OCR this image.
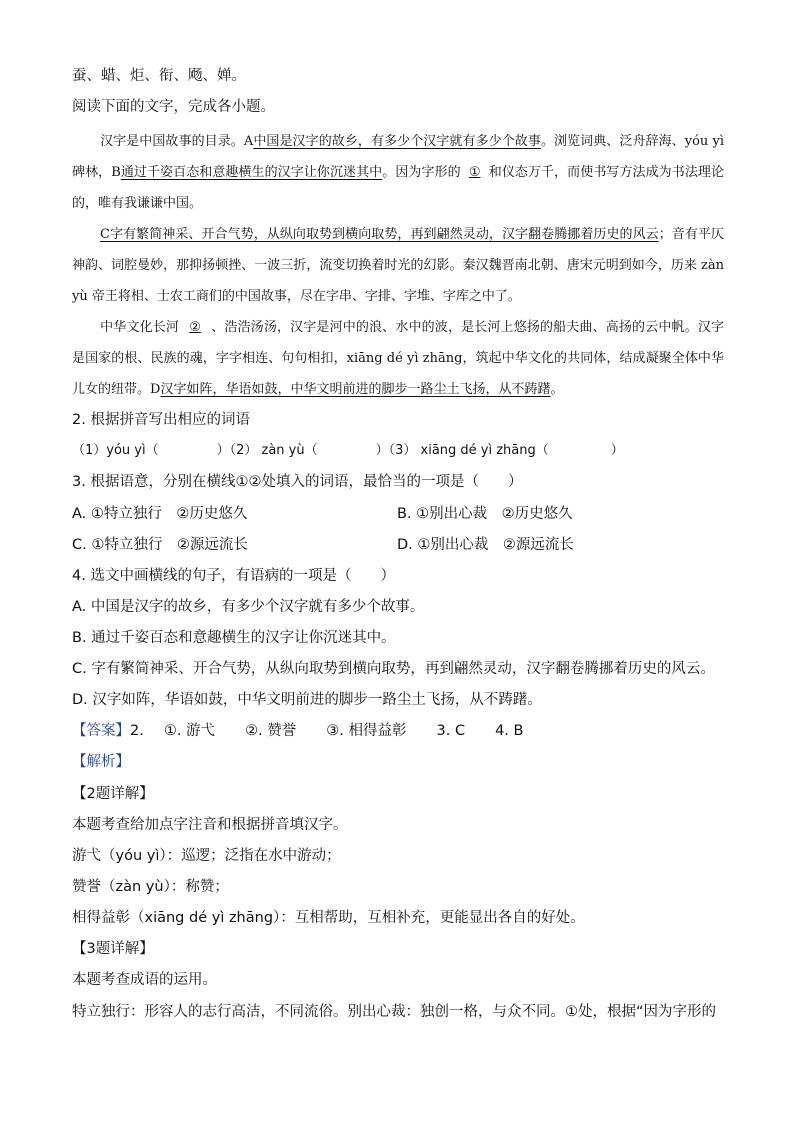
蚕、蜡、炬、衔、飏、婵。
阅读下面的文字，完成各小题。
汉字是中国故事的目录。A中国是汉字的故乡，有多少个汉字就有多少个故事。浏览词典、泛舟辞海、yóu yì 碑林，B通过千姿百态和意趣横生的汉字让你沉迷其中。因为字形的 ① 和仪态万千，而使书写方法成为书法理论的，唯有我谦谦中国。
C字有繁简神采、开合气势，从纵向取势到横向取势，再到翩然灵动，汉字翻卷腾挪着历史的风云；音有平仄神韵、词腔曼妙，那抑扬顿挫、一波三折，流变切换着时光的幻影。秦汉魏晋南北朝、唐宋元明到如今，历来 zàn yù 帝王将相、士农工商们的中国故事，尽在字串、字排、字堆、字库之中了。
中华文化长河 ② 、浩浩汤汤，汉字是河中的浪、水中的波，是长河上悠扬的船夫曲、高扬的云中帆。汉字是国家的根、民族的魂，字字相连、句句相扣，xiāng dé yì zhāng，筑起中华文化的共同体，结成凝聚全体中华儿女的纽带。D汉字如阵，华语如鼓，中华文明前进的脚步一路尘土飞扬，从不踌躇。
2. 根据拼音写出相应的词语
（1）yóu yì（	）（2） zàn yù（	）（3） xiāng dé yì zhāng（	）
3. 根据语意，分别在横线①②处填入的词语，最恰当的一项是（　　）
A. ①特立独行　②历史悠久	B. ①别出心裁　②历史悠久
C. ①特立独行　②源远流长	D. ①别出心裁　②源远流长
4. 选文中画横线的句子，有语病的一项是（　　）
A. 中国是汉字的故乡，有多少个汉字就有多少个故事。
B. 通过千姿百态和意趣横生的汉字让你沉迷其中。
C. 字有繁简神采、开合气势，从纵向取势到横向取势，再到翩然灵动，汉字翻卷腾挪着历史的风云。
D. 汉字如阵，华语如鼓，中华文明前进的脚步一路尘土飞扬，从不踌躇。
【答案】2. ①. 游弋 ②. 赞誉 ③. 相得益彰 3. C 4. B
【解析】
【2题详解】
本题考查给加点字注音和根据拼音填汉字。
游弋（yóu yì）：巡逻；泛指在水中游动；
赞誉（zàn yù）：称赞；
相得益彰（xiāng dé yì zhāng）：互相帮助，互相补充，更能显出各自的好处。
【3题详解】
本题考查成语的运用。
特立独行：形容人的志行高洁，不同流俗。别出心裁：独创一格，与众不同。①处，根据“因为字形的
